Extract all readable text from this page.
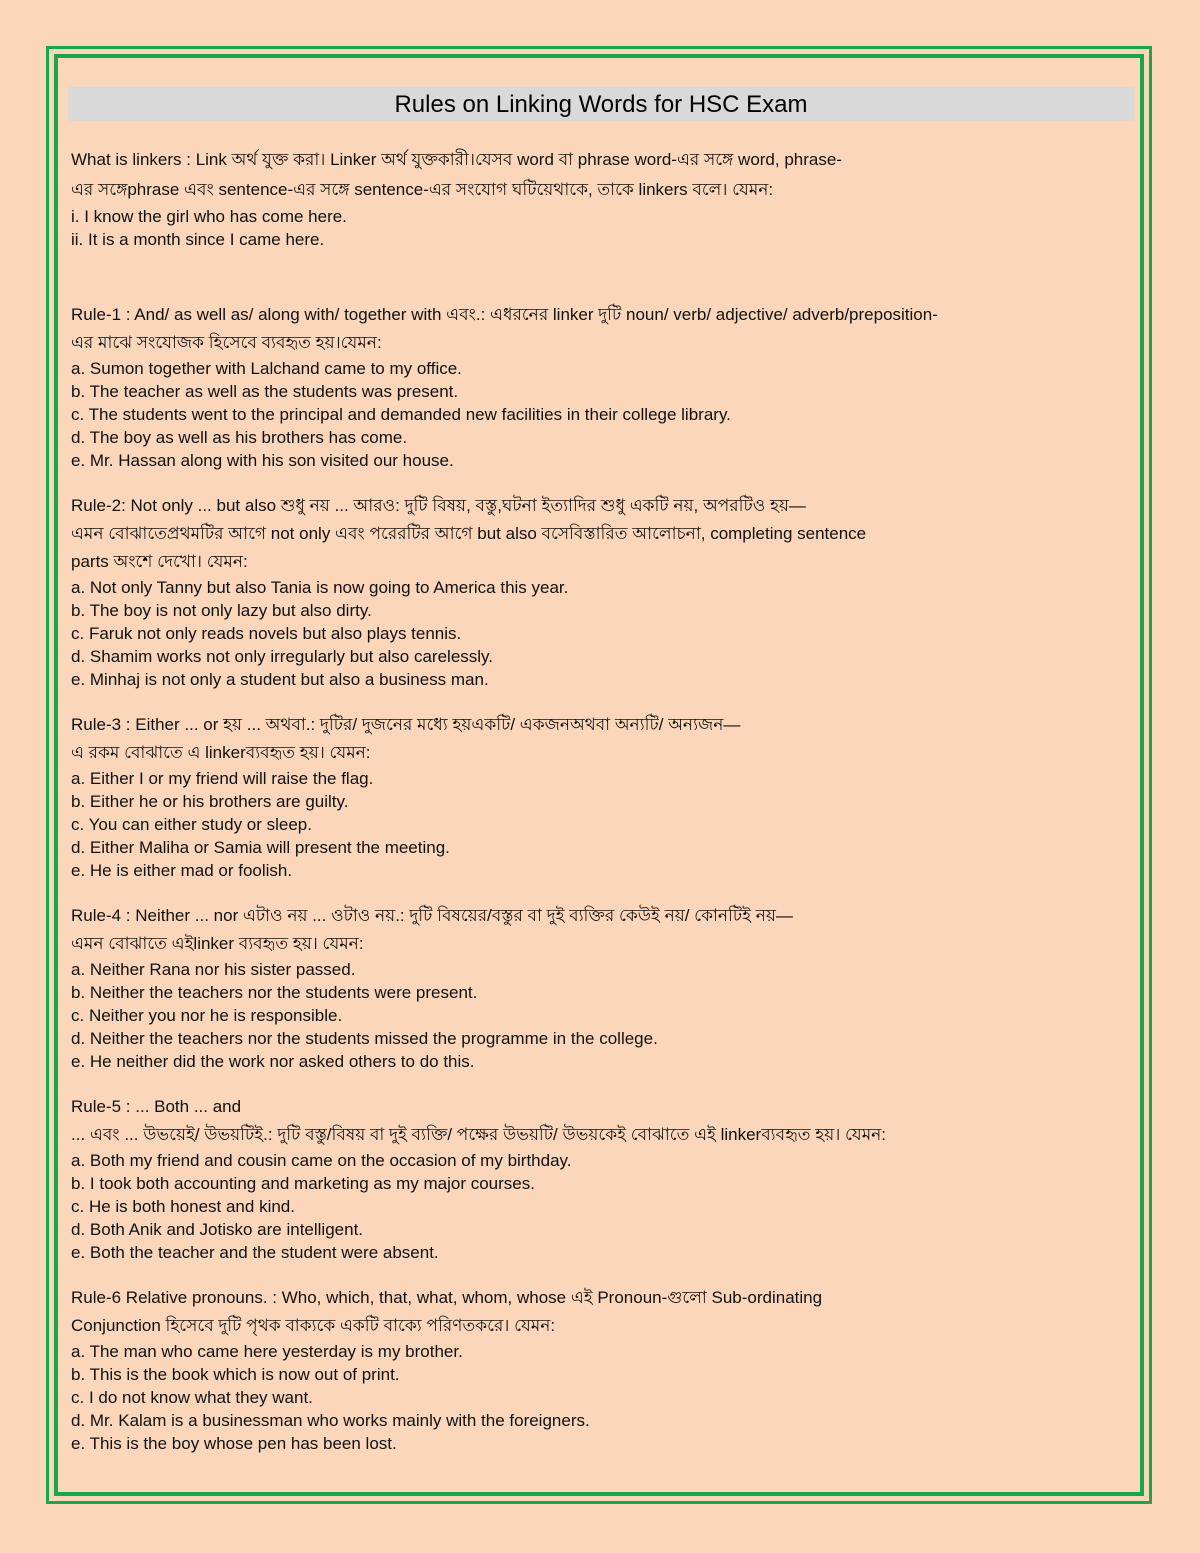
Rules on Linking Words for HSC Exam

What is linkers : Link অর্থ যুক্ত করা। Linker অর্থ যুক্তকারী।যেসব word বা phrase word-এর সঙ্গে word, phrase-

এর সঙ্গেphrase এবং sentence-এর সঙ্গে sentence-এর সংযোগ ঘটিয়েথাকে, তাকে linkers বলে। যেমন:

i. I know the girl who has come here.

ii. It is a month since I came here.

Rule-1 : And/ as well as/ along with/ together with এবং.: এধরনের linker দুটি noun/ verb/ adjective/ adverb/preposition-

এর মাঝে সংযোজক হিসেবে ব্যবহৃত হয়।যেমন:

a. Sumon together with Lalchand came to my office.

b. The teacher as well as the students was present.

c. The students went to the principal and demanded new facilities in their college library.

d. The boy as well as his brothers has come.

e. Mr. Hassan along with his son visited our house.

Rule-2: Not only ... but also শুধু নয় ... আরও: দুটি বিষয়, বস্তু,ঘটনা ইত্যাদির শুধু একটি নয়, অপরটিও হয়—

এমন বোঝাতেপ্রথমটির আগে not only এবং পরেরটির আগে but also বসেবিস্তারিত আলোচনা, completing sentence

parts অংশে দেখো। যেমন:

a. Not only Tanny but also Tania is now going to America this year.

b. The boy is not only lazy but also dirty.

c. Faruk not only reads novels but also plays tennis.

d. Shamim works not only irregularly but also carelessly.

e. Minhaj is not only a student but also a business man.

Rule-3 : Either ... or হয় ... অথবা.: দুটির/ দুজনের মধ্যে হয়একটি/ একজনঅথবা অন্যটি/ অন্যজন—

এ রকম বোঝাতে এ linkerব্যবহৃত হয়। যেমন:

a. Either I or my friend will raise the flag.

b. Either he or his brothers are guilty.

c. You can either study or sleep.

d. Either Maliha or Samia will present the meeting.

e. He is either mad or foolish.

Rule-4 : Neither ... nor এটাও নয় ... ওটাও নয়.: দুটি বিষয়ের/বস্তুর বা দুই ব্যক্তির কেউই নয়/ কোনটিই নয়—

এমন বোঝাতে এইlinker ব্যবহৃত হয়। যেমন:

a. Neither Rana nor his sister passed.

b. Neither the teachers nor the students were present.

c. Neither you nor he is responsible.

d. Neither the teachers nor the students missed the programme in the college.

e. He neither did the work nor asked others to do this.

Rule-5 : ... Both ... and

... এবং ... উভয়েই/ উভয়টিই.: দুটি বস্তু/বিষয় বা দুই ব্যক্তি/ পক্ষের উভয়টি/ উভয়কেই বোঝাতে এই linkerব্যবহৃত হয়। যেমন:

a. Both my friend and cousin came on the occasion of my birthday.

b. I took both accounting and marketing as my major courses.

c. He is both honest and kind.

d. Both Anik and Jotisko are intelligent.

e. Both the teacher and the student were absent.

Rule-6 Relative pronouns. : Who, which, that, what, whom, whose এই Pronoun-গুলো Sub-ordinating

Conjunction হিসেবে দুটি পৃথক বাক্যকে একটি বাক্যে পরিণতকরে। যেমন:

a. The man who came here yesterday is my brother.

b. This is the book which is now out of print.

c. I do not know what they want.

d. Mr. Kalam is a businessman who works mainly with the foreigners.

e. This is the boy whose pen has been lost.
